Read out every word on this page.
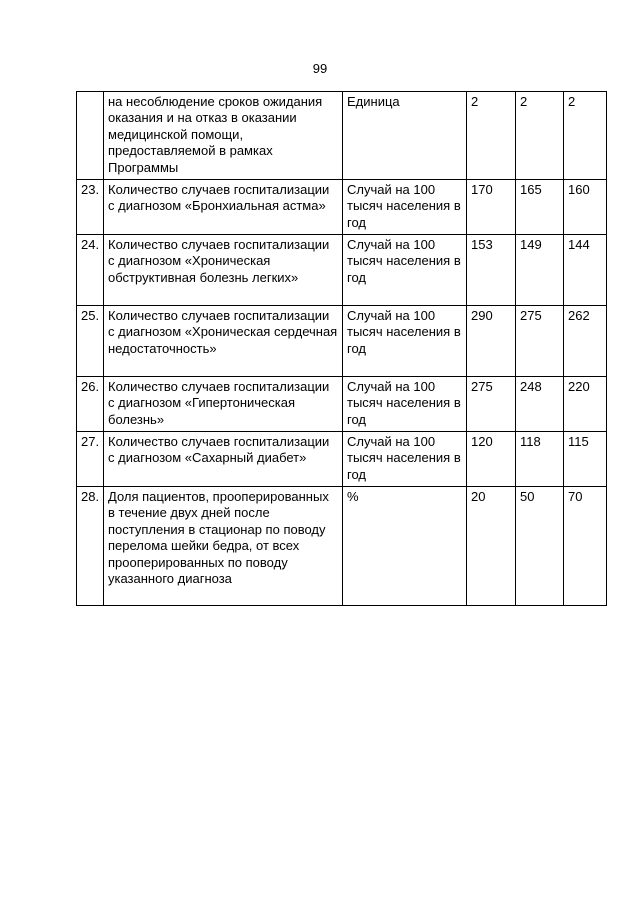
99
	на несоблюдение сроков ожидания оказания и на отказ в оказании медицинской помощи, предоставляемой в рамках Программы	Единица	2	2	2
23.	Количество случаев госпитализации с диагнозом «Бронхиальная астма»	Случай на 100 тысяч населения в год	170	165	160
24.	Количество случаев госпитализации с диагнозом «Хроническая обструктивная болезнь легких»	Случай на 100 тысяч населения в год	153	149	144
25.	Количество случаев госпитализации с диагнозом «Хроническая сердечная недостаточность»	Случай на 100 тысяч населения в год	290	275	262
26.	Количество случаев госпитализации с диагнозом «Гипертоническая болезнь»	Случай на 100 тысяч населения в год	275	248	220
27.	Количество случаев госпитализации с диагнозом «Сахарный диабет»	Случай на 100 тысяч населения в год	120	118	115
28.	Доля пациентов, прооперированных в течение двух дней после поступления в стационар по поводу перелома шейки бедра, от всех прооперированных по поводу указанного диагноза	%	20	50	70
